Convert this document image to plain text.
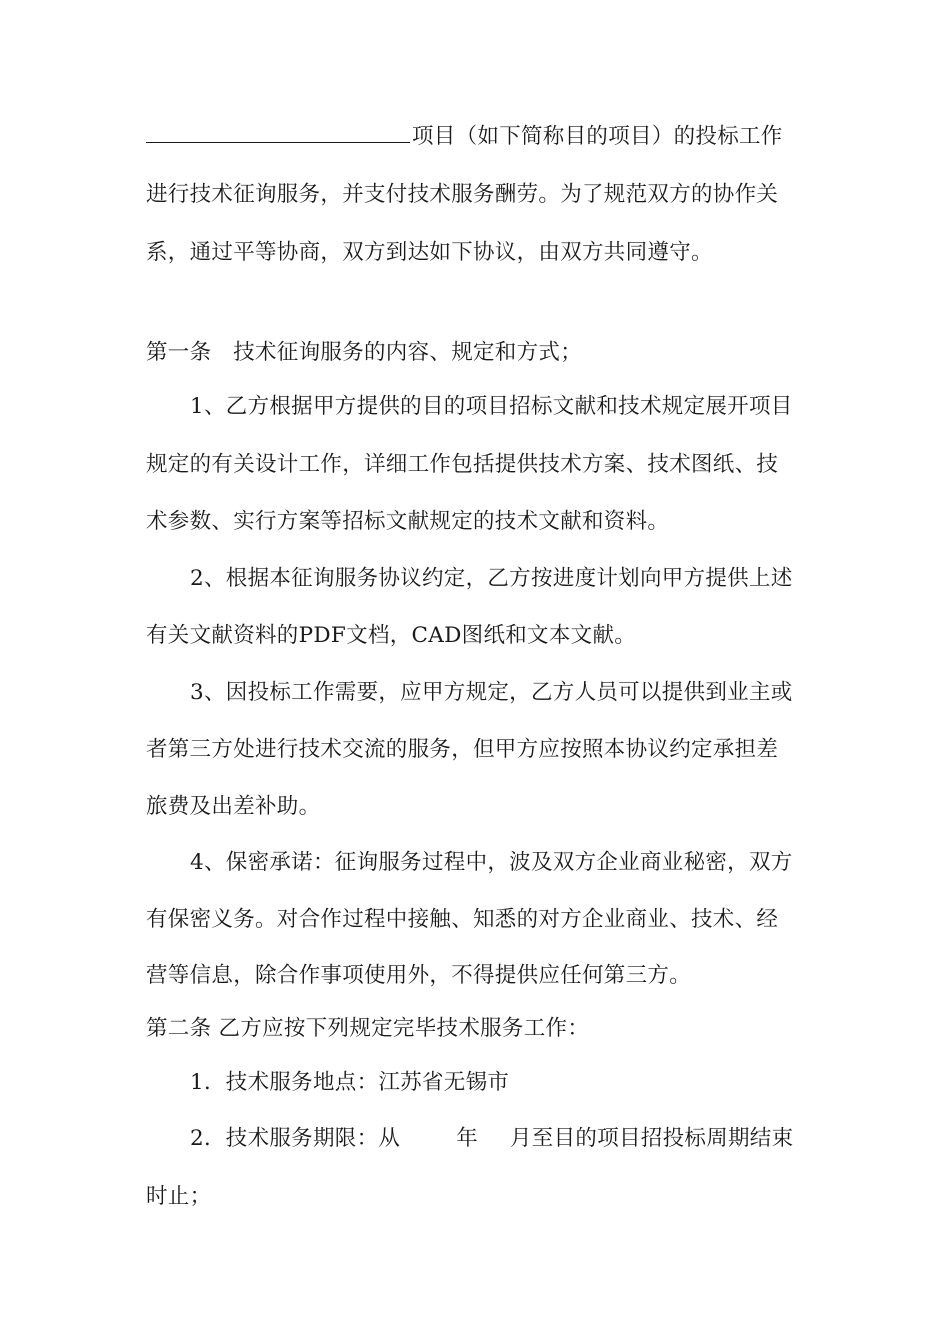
项目（如下简称目的项目）的投标工作
进行技术征询服务，并支付技术服务酬劳。为了规范双方的协作关
系，通过平等协商，双方到达如下协议，由双方共同遵守。
第一条　技术征询服务的内容、规定和方式；
1、乙方根据甲方提供的目的项目招标文献和技术规定展开项目
规定的有关设计工作，详细工作包括提供技术方案、技术图纸、技
术参数、实行方案等招标文献规定的技术文献和资料。
2、根据本征询服务协议约定，乙方按进度计划向甲方提供上述
有关文献资料的PDF文档，CAD图纸和文本文献。
3、因投标工作需要，应甲方规定，乙方人员可以提供到业主或
者第三方处进行技术交流的服务，但甲方应按照本协议约定承担差
旅费及出差补助。
4、保密承诺：征询服务过程中，波及双方企业商业秘密，双方
有保密义务。对合作过程中接触、知悉的对方企业商业、技术、经
营等信息，除合作事项使用外，不得提供应任何第三方。
第二条 乙方应按下列规定完毕技术服务工作：
1．技术服务地点：江苏省无锡市
2．技术服务期限：从	年 月至目的项目招投标周期结束
时止；
